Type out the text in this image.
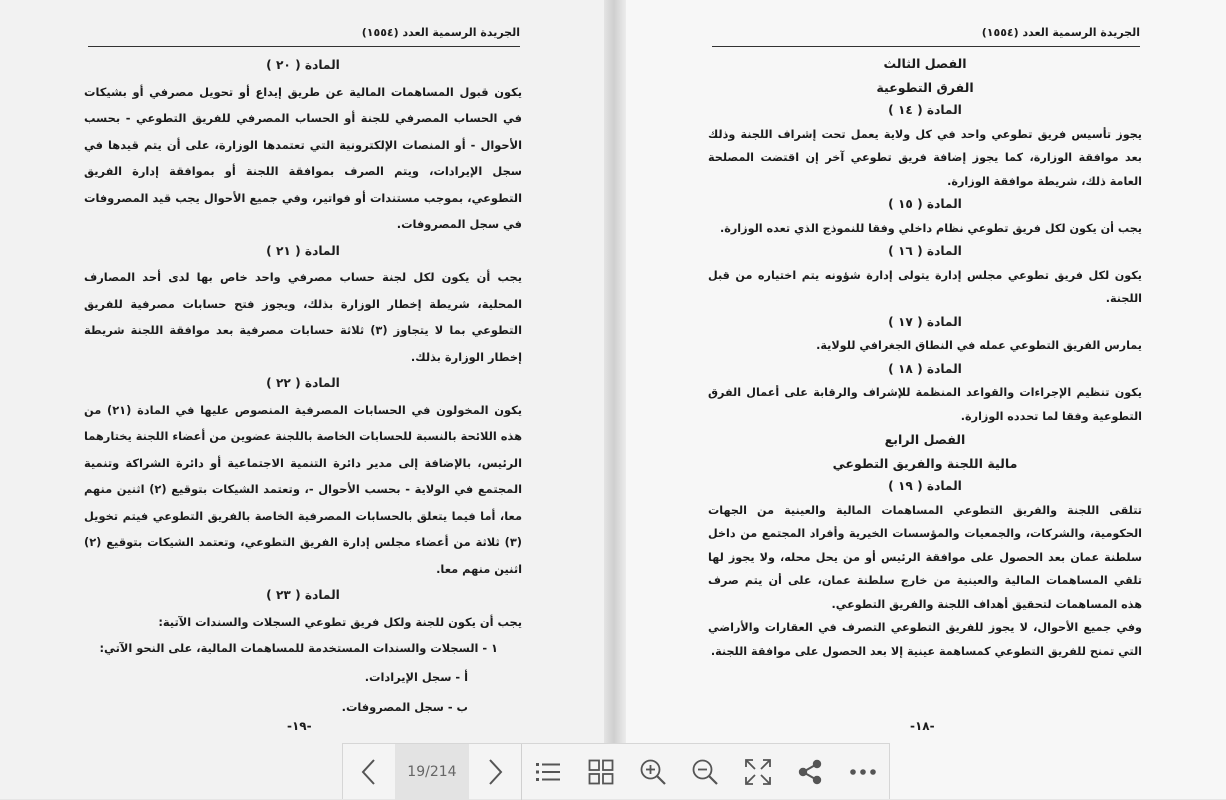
الجريدة الرسمية العدد (١٥٥٤)

المادة ( ٢٠ )

يكون قبول المساهمات المالية عن طريق إيداع أو تحويل مصرفي أو بشيكات في الحساب المصرفي للجنة أو الحساب المصرفي للفريق التطوعي - بحسب الأحوال - أو المنصات الإلكترونية التي تعتمدها الوزارة، على أن يتم قيدها في سجل الإيرادات، ويتم الصرف بموافقة اللجنة أو بموافقة إدارة الفريق التطوعي، بموجب مستندات أو فواتير، وفي جميع الأحوال يجب قيد المصروفات في سجل المصروفات.

المادة ( ٢١ )

يجب أن يكون لكل لجنة حساب مصرفي واحد خاص بها لدى أحد المصارف المحلية، شريطة إخطار الوزارة بذلك، ويجوز فتح حسابات مصرفية للفريق التطوعي بما لا يتجاوز (٣) ثلاثة حسابات مصرفية بعد موافقة اللجنة شريطة إخطار الوزارة بذلك.

المادة ( ٢٢ )

يكون المخولون في الحسابات المصرفية المنصوص عليها في المادة (٢١) من هذه اللائحة بالنسبة للحسابات الخاصة باللجنة عضوين من أعضاء اللجنة يختارهما الرئيس، بالإضافة إلى مدير دائرة التنمية الاجتماعية أو دائرة الشراكة وتنمية المجتمع في الولاية - بحسب الأحوال -، وتعتمد الشيكات بتوقيع (٢) اثنين منهم معا، أما فيما يتعلق بالحسابات المصرفية الخاصة بالفريق التطوعي فيتم تخويل (٣) ثلاثة من أعضاء مجلس إدارة الفريق التطوعي، وتعتمد الشيكات بتوقيع (٢) اثنين منهم معا.

المادة ( ٢٣ )

يجب أن يكون للجنة ولكل فريق تطوعي السجلات والسندات الآتية:

١ - السجلات والسندات المستخدمة للمساهمات المالية، على النحو الآتي:

أ - سجل الإيرادات.

ب - سجل المصروفات.

-١٩-
الجريدة الرسمية العدد (١٥٥٤)

الفصل الثالث

الفرق التطوعية

المادة ( ١٤ )

يجوز تأسيس فريق تطوعي واحد في كل ولاية يعمل تحت إشراف اللجنة وذلك بعد موافقة الوزارة، كما يجوز إضافة فريق تطوعي آخر إن اقتضت المصلحة العامة ذلك، شريطة موافقة الوزارة.

المادة ( ١٥ )

يجب أن يكون لكل فريق تطوعي نظام داخلي وفقا للنموذج الذي تعده الوزارة.

المادة ( ١٦ )

يكون لكل فريق تطوعي مجلس إدارة يتولى إدارة شؤونه يتم اختياره من قبل اللجنة.

المادة ( ١٧ )

يمارس الفريق التطوعي عمله في النطاق الجغرافي للولاية.

المادة ( ١٨ )

يكون تنظيم الإجراءات والقواعد المنظمة للإشراف والرقابة على أعمال الفرق التطوعية وفقا لما تحدده الوزارة.

الفصل الرابع

مالية اللجنة والفريق التطوعي

المادة ( ١٩ )

تتلقى اللجنة والفريق التطوعي المساهمات المالية والعينية من الجهات الحكومية، والشركات، والجمعيات والمؤسسات الخيرية وأفراد المجتمع من داخل سلطنة عمان بعد الحصول على موافقة الرئيس أو من يحل محله، ولا يجوز لها تلقي المساهمات المالية والعينية من خارج سلطنة عمان، على أن يتم صرف هذه المساهمات لتحقيق أهداف اللجنة والفريق التطوعي.

وفي جميع الأحوال، لا يجوز للفريق التطوعي التصرف في العقارات والأراضي التي تمنح للفريق التطوعي كمساهمة عينية إلا بعد الحصول على موافقة اللجنة.

-١٨-
19/214
